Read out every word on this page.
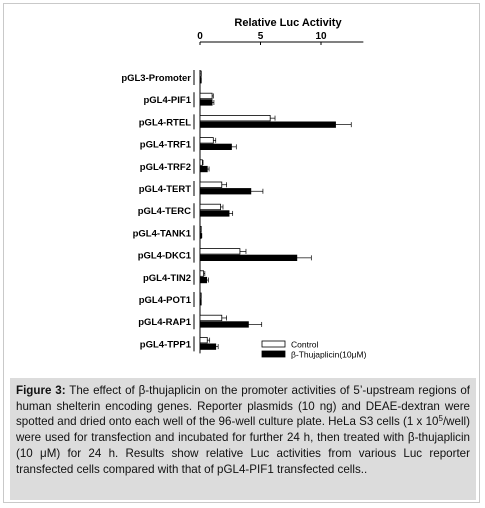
Relative Luc Activity
0	5	10
pGL3-Promoter
pGL4-PIF1
pGL4-RTEL
pGL4-TRF1
pGL4-TRF2
pGL4-TERT
pGL4-TERC
pGL4-TANK1
pGL4-DKC1
pGL4-TIN2
pGL4-POT1
pGL4-RAP1
pGL4-TPP1	Control
β-Thujaplicin(10μM)
Figure 3: The effect of β-thujaplicin on the promoter activities of 5’-upstream regions of human shelterin encoding genes. Reporter plasmids (10 ng) and DEAE-dextran were spotted and dried onto each well of the 96-well culture plate. HeLa S3 cells (1 x $10^5/well$) were used for transfection and incubated for further 24 h, then treated with β-thujaplicin (10 μM) for 24 h. Results show relative Luc activities from various Luc reporter transfected cells compared with that of pGL4-PIF1 transfected cells..
